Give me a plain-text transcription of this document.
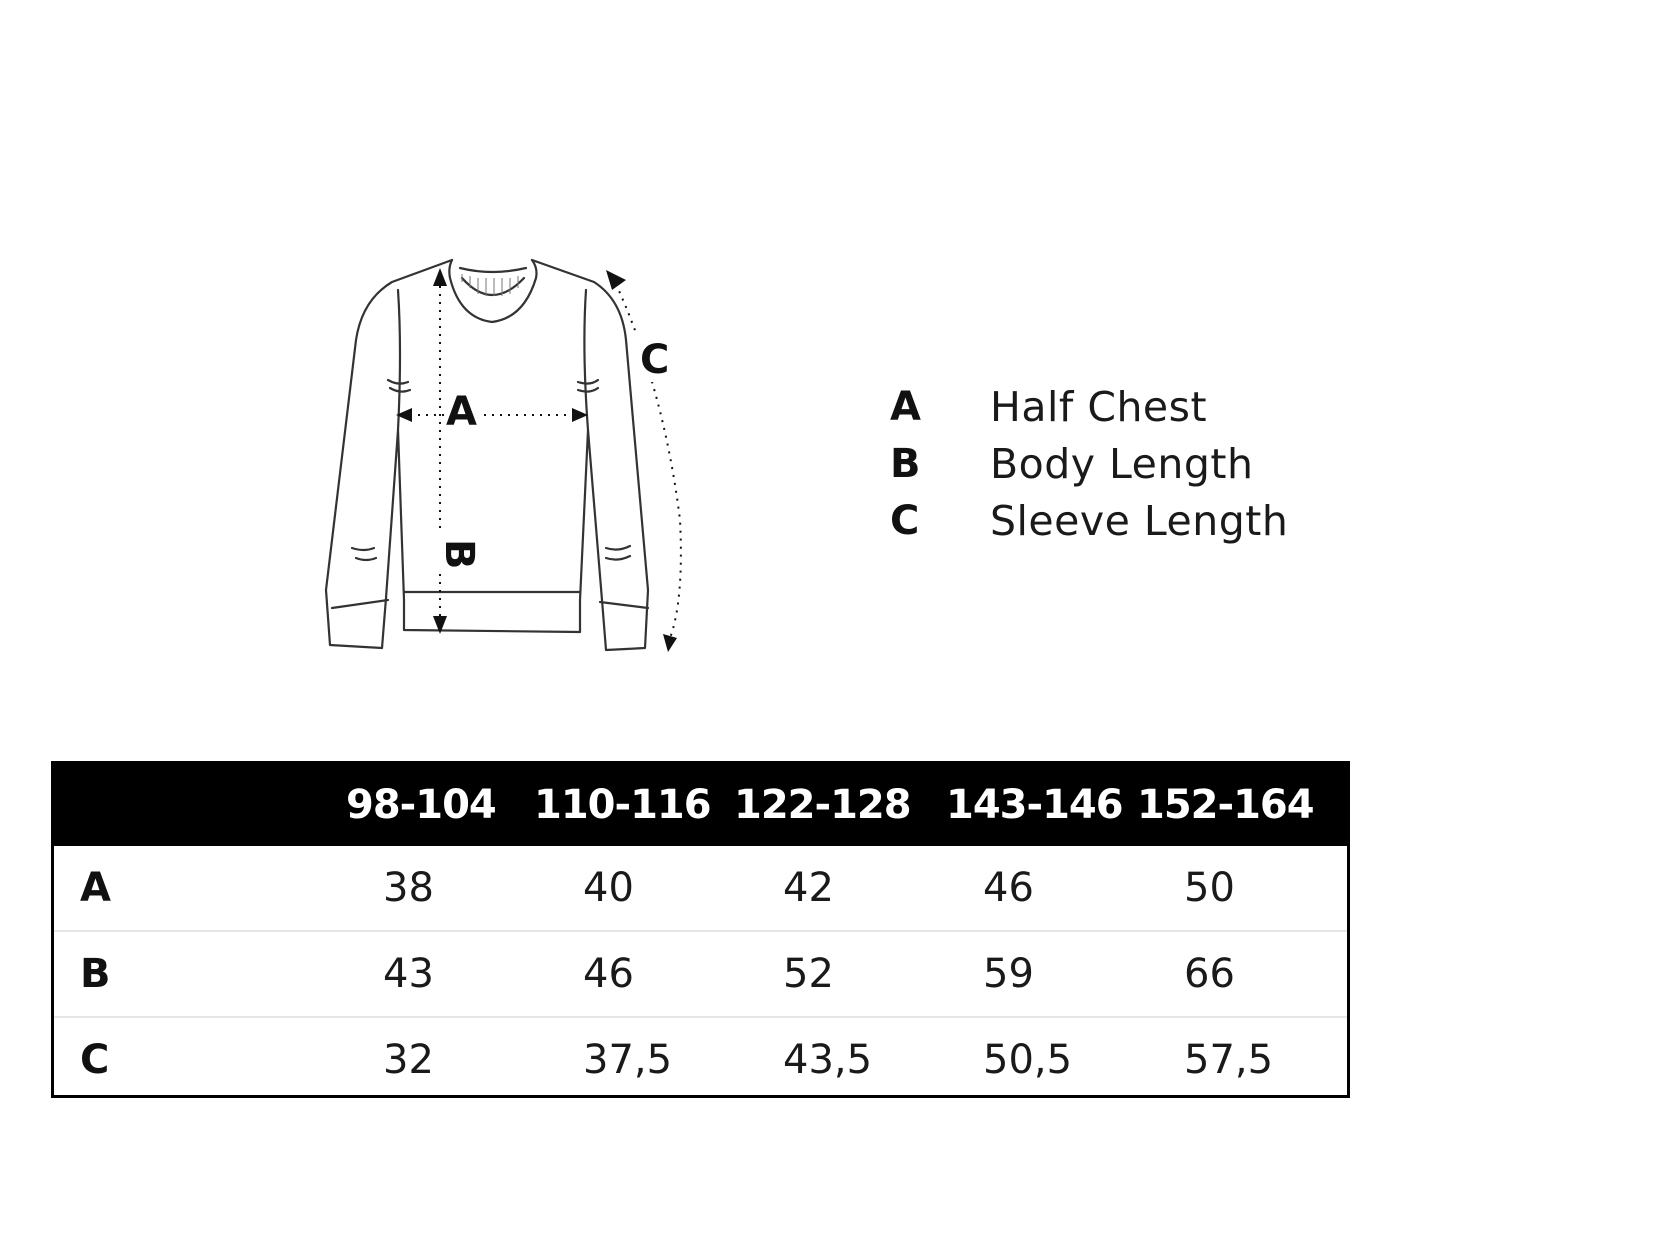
A
B
C
A	Half Chest
B	Body Length
C	Sleeve Length
98-104 110-116 122-128 143-146 152-164
A	38	40	42	46	50
B	43	46	52	59	66
C	32	37,5	43,5	50,5	57,5
